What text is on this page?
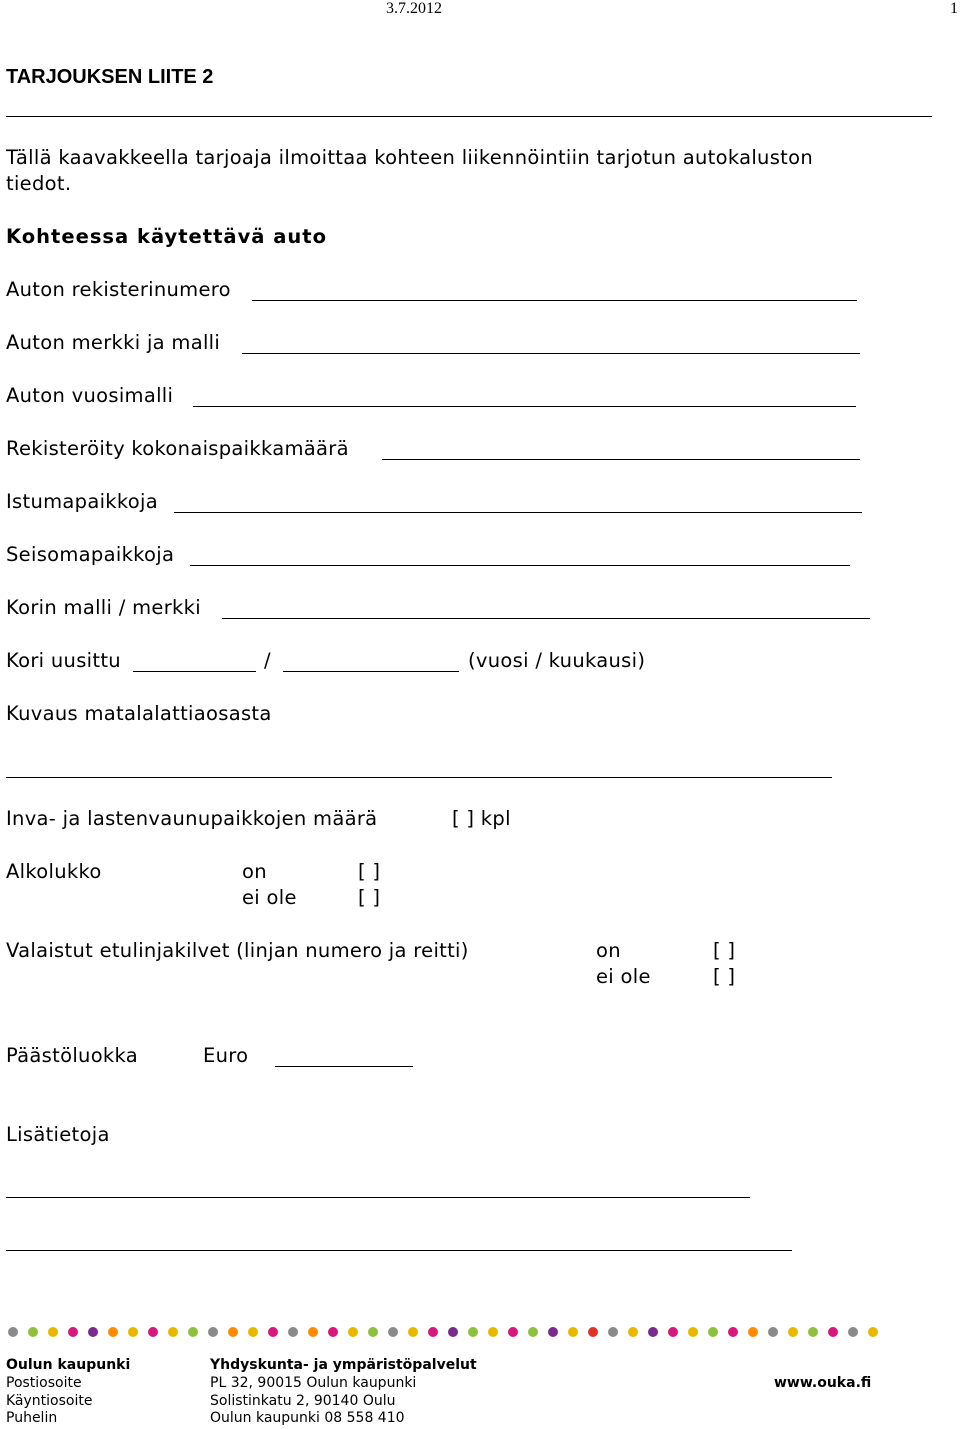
3.7.2012	1
TARJOUKSEN LIITE 2
Tällä kaavakkeella tarjoaja ilmoittaa kohteen liikennöintiin tarjotun autokaluston
tiedot.
Kohteessa käytettävä auto
Auton rekisterinumero
Auton merkki ja malli
Auton vuosimalli
Rekisteröity kokonaispaikkamäärä
Istumapaikkoja
Seisomapaikkoja
Korin malli / merkki
Kori uusittu	/	(vuosi / kuukausi)
Kuvaus matalalattiaosasta
Inva- ja lastenvaunupaikkojen määrä	[ ] kpl
Alkolukko	on	[ ]
ei ole	[ ]
Valaistut etulinjakilvet (linjan numero ja reitti)	on	[ ]
ei ole	[ ]
Päästöluokka	Euro
Lisätietoja
Oulun kaupunki	Yhdyskunta- ja ympäristöpalvelut
Postiosoite	PL 32, 90015 Oulun kaupunki	www.ouka.fi
Käyntiosoite	Solistinkatu 2, 90140 Oulu
Puhelin	Oulun kaupunki 08 558 410
